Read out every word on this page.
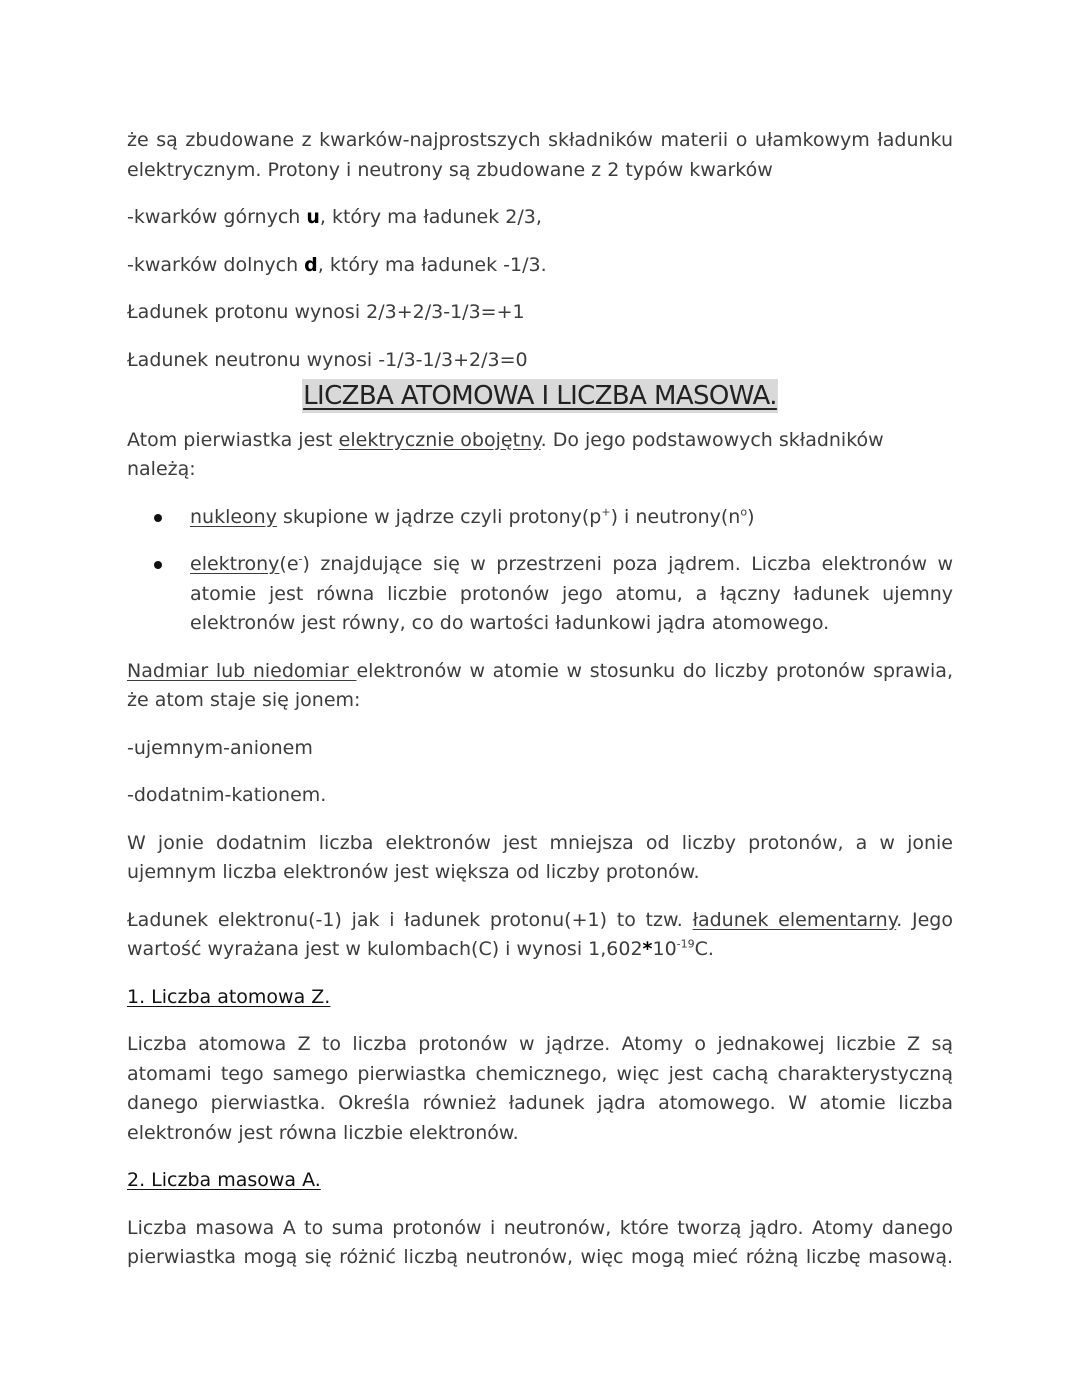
że są zbudowane z kwarków-najprostszych składników materii o ułamkowym ładunku
elektrycznym. Protony i neutrony są zbudowane z 2 typów kwarków

-kwarków górnych u, który ma ładunek 2/3,

-kwarków dolnych d, który ma ładunek -1/3.

Ładunek protonu wynosi 2/3+2/3-1/3=+1

Ładunek neutronu wynosi -1/3-1/3+2/3=0

LICZBA ATOMOWA I LICZBA MASOWA.

Atom pierwiastka jest elektrycznie obojętny. Do jego podstawowych składników należą:

nukleony skupione w jądrze czyli protony(p+) i $neutrony(n^o)$
elektrony(e-) znajdujące się w przestrzeni poza jądrem. Liczba elektronów w atomie jest równa liczbie protonów jego atomu, a łączny ładunek ujemny elektronów jest równy, co do wartości ładunkowi jądra atomowego.

Nadmiar lub niedomiar elektronów w atomie w stosunku do liczby protonów sprawia, że atom staje się jonem:

-ujemnym-anionem

-dodatnim-kationem.

W jonie dodatnim liczba elektronów jest mniejsza od liczby protonów, a w jonie ujemnym liczba elektronów jest większa od liczby protonów.

Ładunek elektronu(-1) jak i ładunek protonu(+1) to tzw. ładunek elementarny. Jego wartość wyrażana jest w kulombach(C) i wynosi $1,602*10^{-19}C$.

1. Liczba atomowa Z.

Liczba atomowa Z to liczba protonów w jądrze. Atomy o jednakowej liczbie Z są atomami tego samego pierwiastka chemicznego, więc jest cachą charakterystyczną danego pierwiastka. Określa również ładunek jądra atomowego. W atomie liczba elektronów jest równa liczbie elektronów.

2. Liczba masowa A.

Liczba masowa A to suma protonów i neutronów, które tworzą jądro. Atomy danego pierwiastka mogą się różnić liczbą neutronów, więc mogą mieć różną liczbę masową.
